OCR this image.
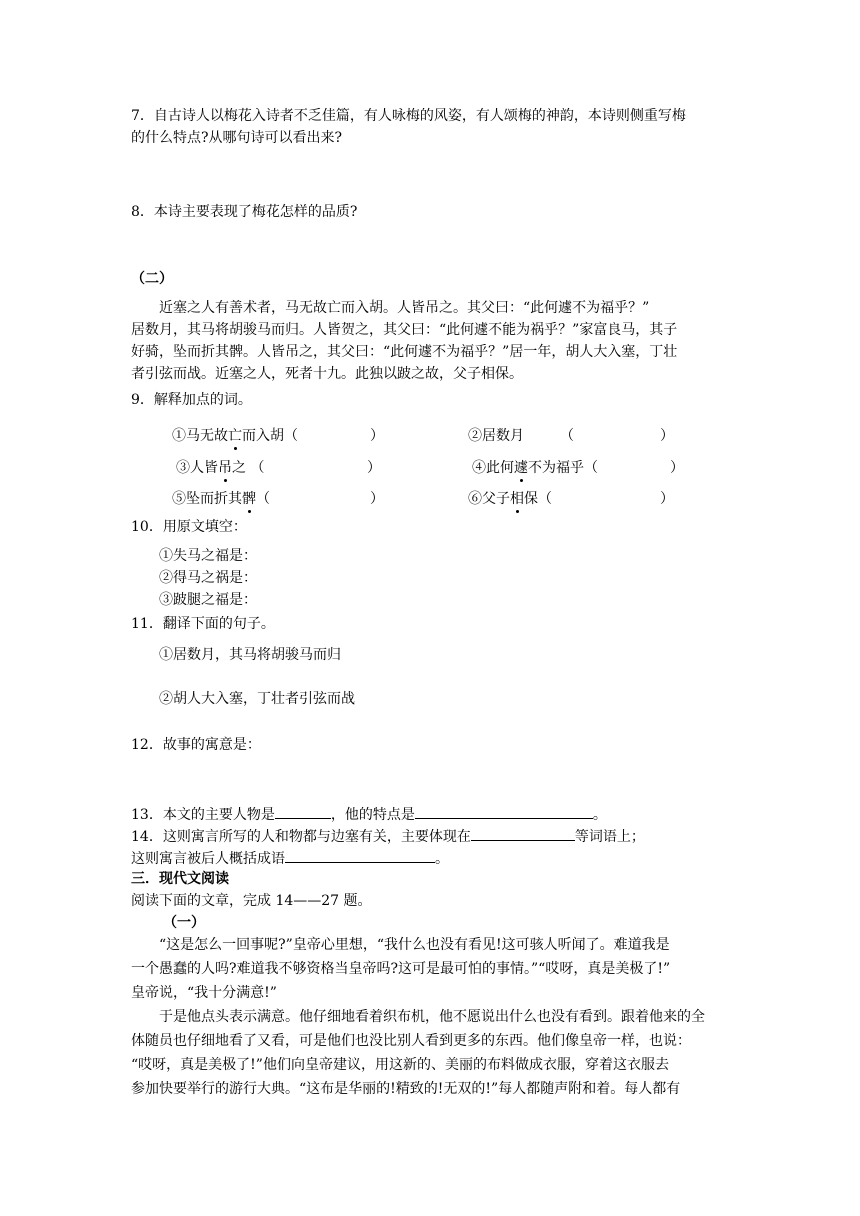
7．自古诗人以梅花入诗者不乏佳篇，有人咏梅的风姿，有人颂梅的神韵，本诗则侧重写梅
的什么特点?从哪句诗可以看出来?
8．本诗主要表现了梅花怎样的品质?
（二）
近塞之人有善术者，马无故亡而入胡。人皆吊之。其父曰：“此何遽不为福乎？”
居数月，其马将胡骏马而归。人皆贺之，其父曰：“此何遽不能为祸乎？”家富良马，其子
好骑，坠而折其髀。人皆吊之，其父曰：“此何遽不为福乎？”居一年，胡人大入塞，丁壮
者引弦而战。近塞之人，死者十九。此独以跛之故，父子相保。
9．解释加点的词。
①马无故亡而入胡（	）	②居数月	（	）
③人皆吊之 （	）	④此何遽不为福乎（	）
⑤坠而折其髀（	）	⑥父子相保（	）
10．用原文填空：
①失马之福是：
②得马之祸是：
③跛腿之福是：
11．翻译下面的句子。
①居数月，其马将胡骏马而归
②胡人大入塞，丁壮者引弦而战
12．故事的寓意是：
13．本文的主要人物是	，他的特点是	。
14．这则寓言所写的人和物都与边塞有关，主要体现在	等词语上；
这则寓言被后人概括成语	。
三．现代文阅读
阅读下面的文章，完成 14——27 题。
（一）
“这是怎么一回事呢?”皇帝心里想，“我什么也没有看见!这可骇人听闻了。难道我是
一个愚蠢的人吗?难道我不够资格当皇帝吗?这可是最可怕的事情。”“哎呀，真是美极了!”
皇帝说，“我十分满意!”
于是他点头表示满意。他仔细地看着织布机，他不愿说出什么也没有看到。跟着他来的全
体随员也仔细地看了又看，可是他们也没比别人看到更多的东西。他们像皇帝一样，也说：
“哎呀，真是美极了!”他们向皇帝建议，用这新的、美丽的布料做成衣服，穿着这衣服去
参加快要举行的游行大典。“这布是华丽的!精致的!无双的!”每人都随声附和着。每人都有
